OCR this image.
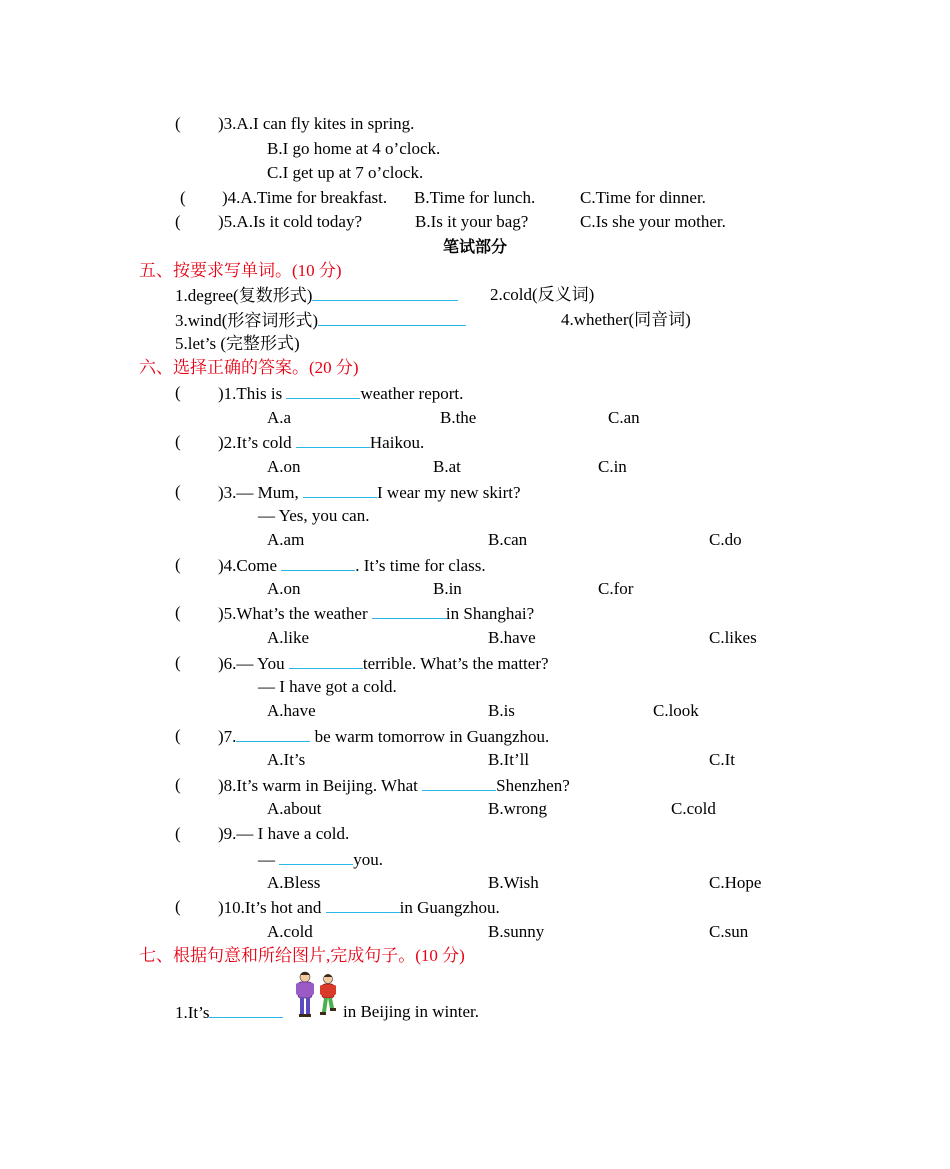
( )3.A.I can fly kites in spring.
B.I go home at 4 o’clock.
C.I get up at 7 o’clock.
( )4.A.Time for breakfast. B.Time for lunch.	C.Time for dinner.
( )5.A.Is it cold today?	B.Is it your bag?	C.Is she your mother.
笔试部分
五、按要求写单词。(10 分)
1.degree(复数形式)	2.cold(反义词)
3.wind(形容词形式)	4.whether(同音词)
5.let’s (完整形式)
六、选择正确的答案。(20 分)
( )1.This is	weather report.
A.a	B.the	C.an
( )2.It’s cold	Haikou.
A.on	B.at	C.in
( )3.— Mum,	I wear my new skirt?
— Yes, you can.
A.am	B.can	C.do
( )4.Come	. It’s time for class.
A.on	B.in	C.for
( )5.What’s the weather	in Shanghai?
A.like	B.have	C.likes
( )6.— You	terrible. What’s the matter?
— I have got a cold.
A.have	B.is	C.look
( )7.	be warm tomorrow in Guangzhou.
A.It’s	B.It’ll	C.It
( )8.It’s warm in Beijing. What	Shenzhen?
A.about	B.wrong	C.cold
( )9.— I have a cold.
—	you.
A.Bless	B.Wish	C.Hope
( )10.It’s hot and	in Guangzhou.
A.cold	B.sunny	C.sun
七、根据句意和所给图片,完成句子。(10 分)
1.It’s	in Beijing in winter.
